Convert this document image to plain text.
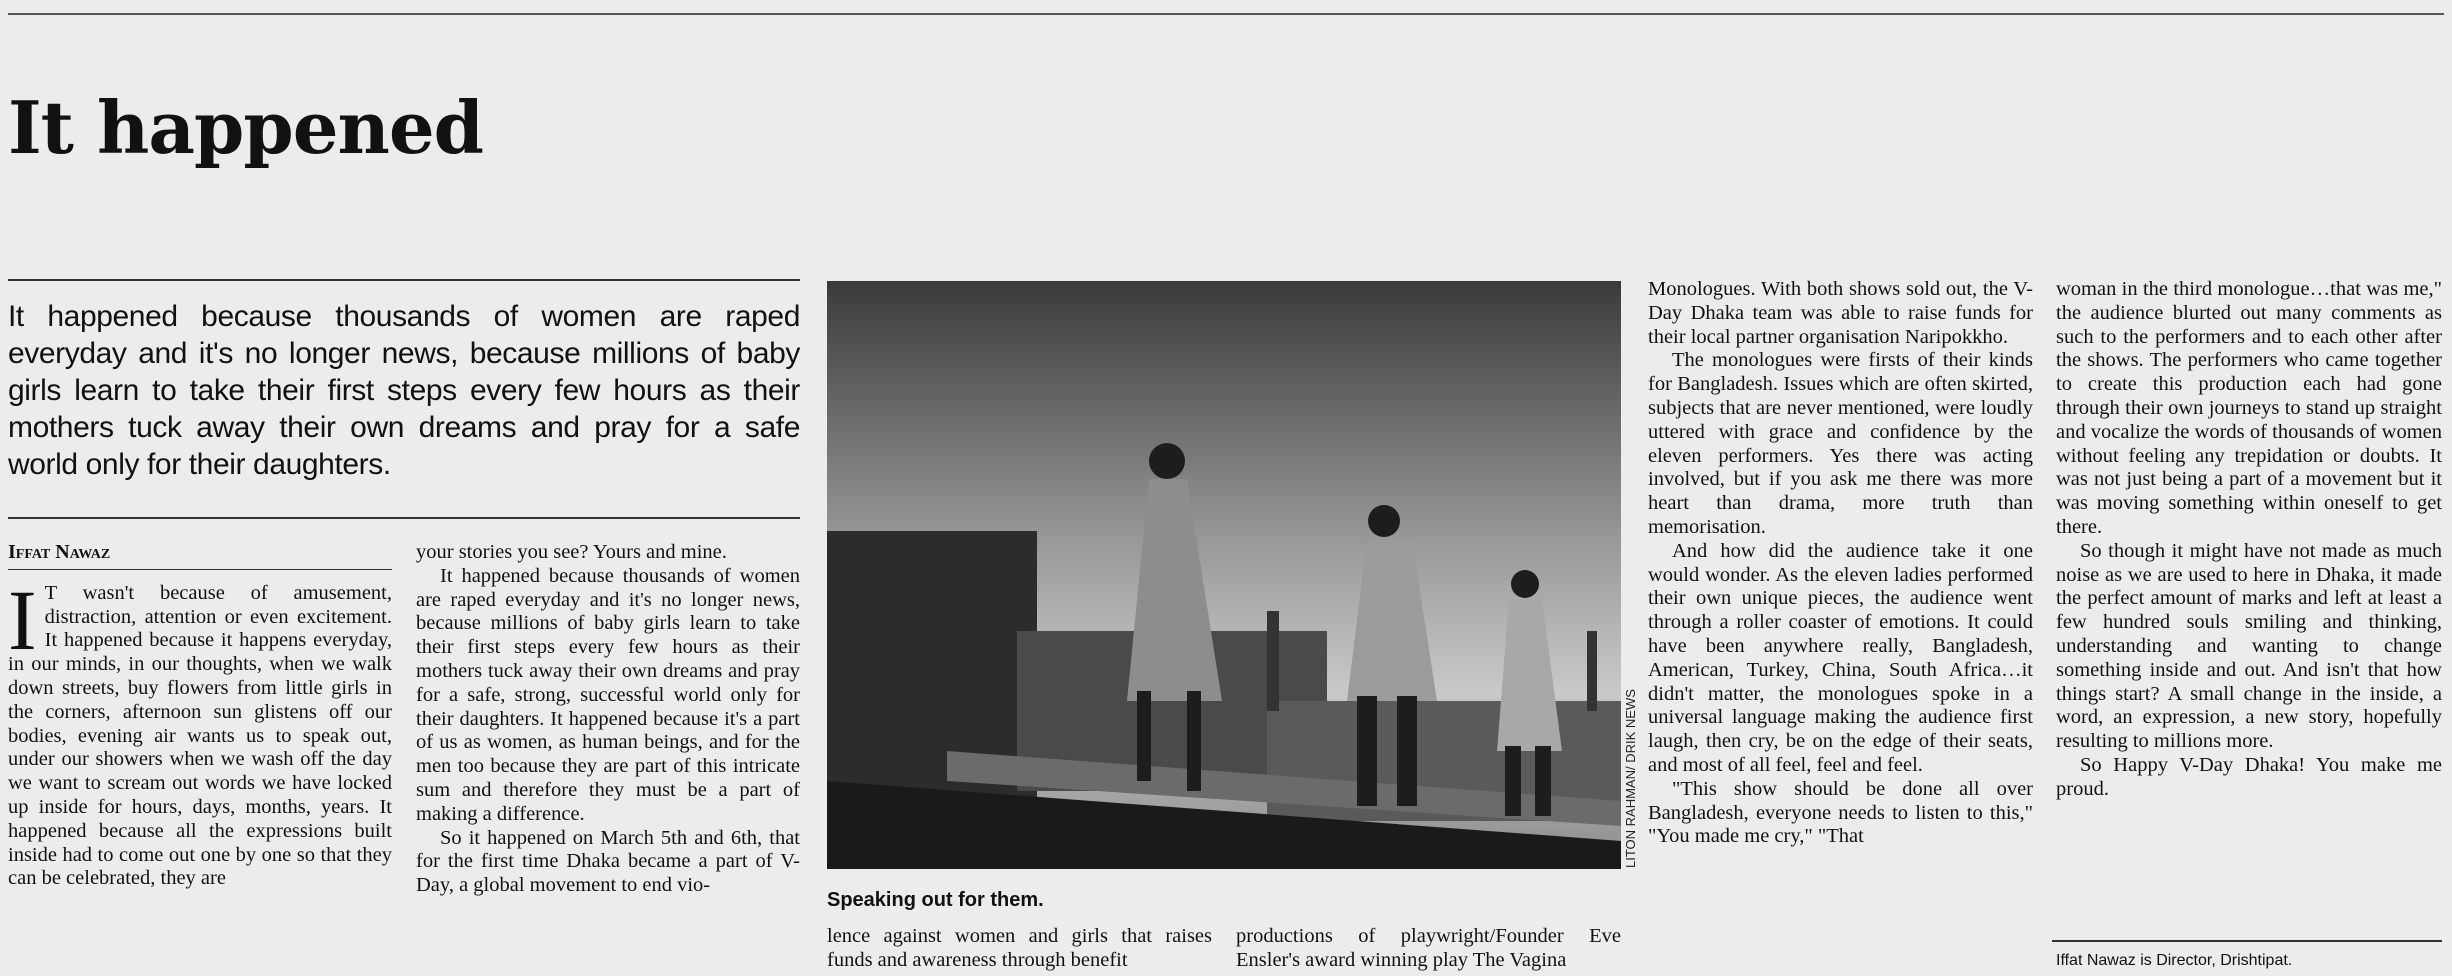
It happened

It happened because thousands of women are raped everyday and it's no longer news, because millions of baby girls learn to take their first steps every few hours as their mothers tuck away their own dreams and pray for a safe world only for their daughters.

Iffat Nawaz

I T wasn't because of amusement, distraction, attention or even excitement. It happened because it happens everyday, in our minds, in our thoughts, when we walk down streets, buy flowers from little girls in the corners, afternoon sun glistens off our bodies, evening air wants us to speak out, under our showers when we wash off the day we want to scream out words we have locked up inside for hours, days, months, years. It happened because all the expressions built inside had to come out one by one so that they can be celebrated, they are

your stories you see? Yours and mine.

It happened because thousands of women are raped everyday and it's no longer news, because millions of baby girls learn to take their first steps every few hours as their mothers tuck away their own dreams and pray for a safe, strong, successful world only for their daughters. It happened because it's a part of us as women, as human beings, and for the men too because they are part of this intricate sum and therefore they must be a part of making a difference.

So it happened on March 5th and 6th, that for the first time Dhaka became a part of V-Day, a global movement to end vio-

LITON RAHMAN/ DRIK NEWS
Speaking out for them.

lence against women and girls that raises funds and awareness through benefit

productions of playwright/Founder Eve Ensler's award winning play The Vagina

Monologues. With both shows sold out, the V-Day Dhaka team was able to raise funds for their local partner organisation Naripokkho.

The monologues were firsts of their kinds for Bangladesh. Issues which are often skirted, subjects that are never mentioned, were loudly uttered with grace and confidence by the eleven performers. Yes there was acting involved, but if you ask me there was more heart than drama, more truth than memorisation.

And how did the audience take it one would wonder. As the eleven ladies performed their own unique pieces, the audience went through a roller coaster of emotions. It could have been anywhere really, Bangladesh, American, Turkey, China, South Africa…it didn't matter, the monologues spoke in a universal language making the audience first laugh, then cry, be on the edge of their seats, and most of all feel, feel and feel.

"This show should be done all over Bangladesh, everyone needs to listen to this," "You made me cry," "That

woman in the third monologue…that was me," the audience blurted out many comments as such to the performers and to each other after the shows. The performers who came together to create this production each had gone through their own journeys to stand up straight and vocalize the words of thousands of women without feeling any trepidation or doubts. It was not just being a part of a movement but it was moving something within oneself to get there.

So though it might have not made as much noise as we are used to here in Dhaka, it made the perfect amount of marks and left at least a few hundred souls smiling and thinking, understanding and wanting to change something inside and out. And isn't that how things start? A small change in the inside, a word, an expression, a new story, hopefully resulting to millions more.

So Happy V-Day Dhaka! You make me proud.

Iffat Nawaz is Director, Drishtipat.
